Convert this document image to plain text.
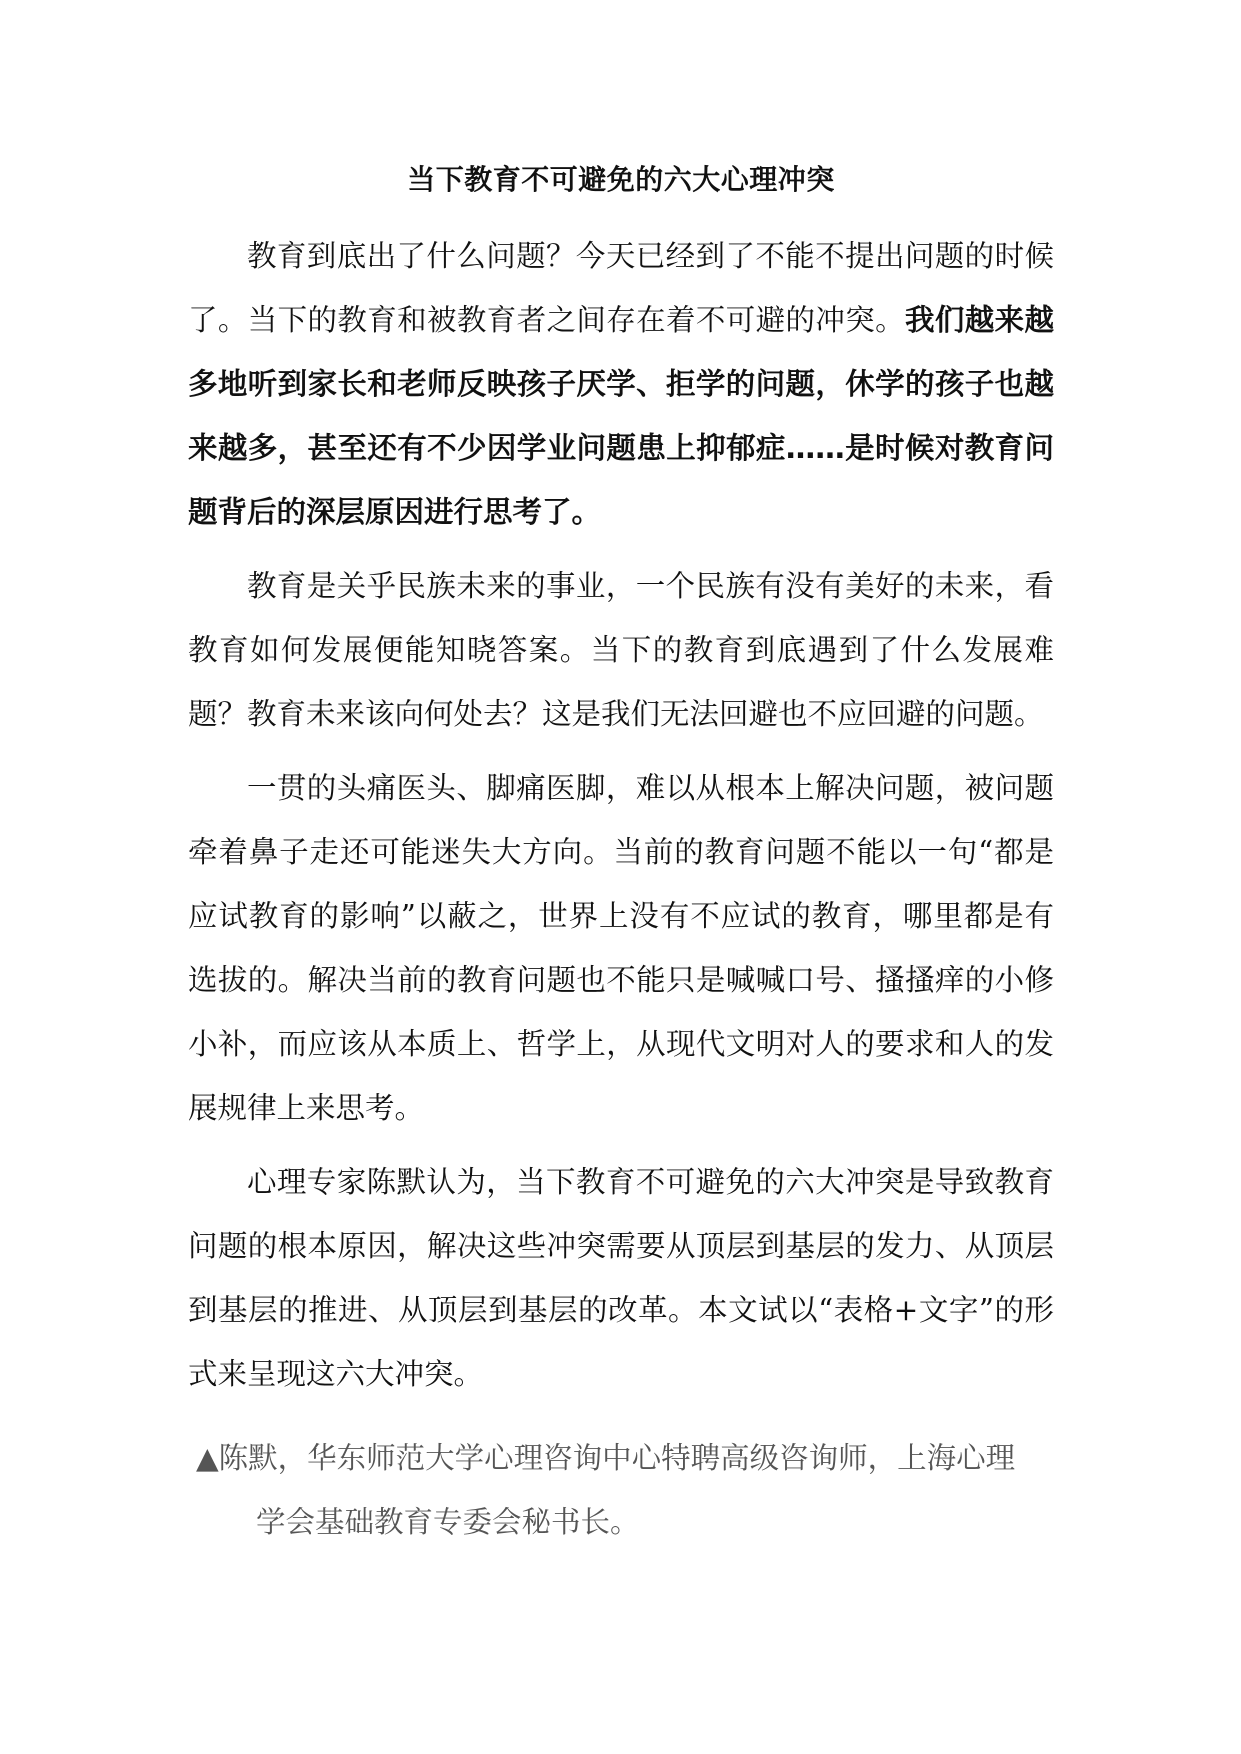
当下教育不可避免的六大心理冲突

教育到底出了什么问题？今天已经到了不能不提出问题的时候了。当下的教育和被教育者之间存在着不可避的冲突。我们越来越多地听到家长和老师反映孩子厌学、拒学的问题，休学的孩子也越来越多，甚至还有不少因学业问题患上抑郁症……是时候对教育问题背后的深层原因进行思考了。

教育是关乎民族未来的事业，一个民族有没有美好的未来，看教育如何发展便能知晓答案。当下的教育到底遇到了什么发展难题？教育未来该向何处去？这是我们无法回避也不应回避的问题。

一贯的头痛医头、脚痛医脚，难以从根本上解决问题，被问题牵着鼻子走还可能迷失大方向。当前的教育问题不能以一句“都是应试教育的影响”以蔽之，世界上没有不应试的教育，哪里都是有选拔的。解决当前的教育问题也不能只是喊喊口号、搔搔痒的小修小补，而应该从本质上、哲学上，从现代文明对人的要求和人的发展规律上来思考。

心理专家陈默认为，当下教育不可避免的六大冲突是导致教育问题的根本原因，解决这些冲突需要从顶层到基层的发力、从顶层到基层的推进、从顶层到基层的改革。本文试以“表格+文字”的形式来呈现这六大冲突。

▲陈默，华东师范大学心理咨询中心特聘高级咨询师，上海心理学会基础教育专委会秘书长。
